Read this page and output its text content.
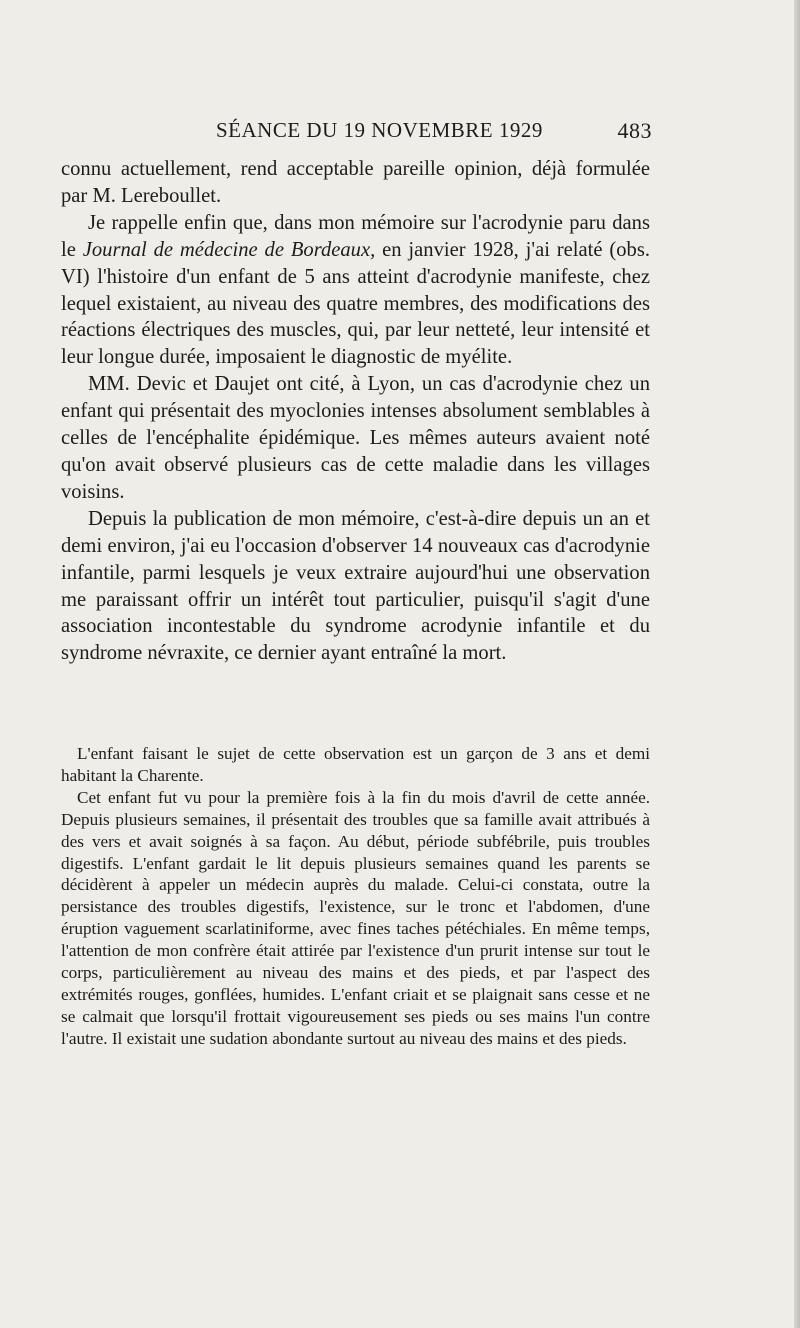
SÉANCE DU 19 NOVEMBRE 1929	483

connu actuellement, rend acceptable pareille opinion, déjà formulée par M. Lereboullet.

Je rappelle enfin que, dans mon mémoire sur l'acrodynie paru dans le Journal de médecine de Bordeaux, en janvier 1928, j'ai relaté (obs. VI) l'histoire d'un enfant de 5 ans atteint d'acrodynie manifeste, chez lequel existaient, au niveau des quatre membres, des modifications des réactions électriques des muscles, qui, par leur netteté, leur intensité et leur longue durée, imposaient le diagnostic de myélite.

MM. Devic et Daujet ont cité, à Lyon, un cas d'acrodynie chez un enfant qui présentait des myoclonies intenses absolument semblables à celles de l'encéphalite épidémique. Les mêmes auteurs avaient noté qu'on avait observé plusieurs cas de cette maladie dans les villages voisins.

Depuis la publication de mon mémoire, c'est-à-dire depuis un an et demi environ, j'ai eu l'occasion d'observer 14 nouveaux cas d'acrodynie infantile, parmi lesquels je veux extraire aujourd'hui une observation me paraissant offrir un intérêt tout particulier, puisqu'il s'agit d'une association incontestable du syndrome acrodynie infantile et du syndrome névraxite, ce dernier ayant entraîné la mort.

L'enfant faisant le sujet de cette observation est un garçon de 3 ans et demi habitant la Charente.

Cet enfant fut vu pour la première fois à la fin du mois d'avril de cette année. Depuis plusieurs semaines, il présentait des troubles que sa famille avait attribués à des vers et avait soignés à sa façon. Au début, période subfébrile, puis troubles digestifs. L'enfant gardait le lit depuis plusieurs semaines quand les parents se décidèrent à appeler un médecin auprès du malade. Celui-ci constata, outre la persistance des troubles digestifs, l'existence, sur le tronc et l'abdomen, d'une éruption vaguement scarlatiniforme, avec fines taches pétéchiales. En même temps, l'attention de mon confrère était attirée par l'existence d'un prurit intense sur tout le corps, particulièrement au niveau des mains et des pieds, et par l'aspect des extrémités rouges, gonflées, humides. L'enfant criait et se plaignait sans cesse et ne se calmait que lorsqu'il frottait vigoureusement ses pieds ou ses mains l'un contre l'autre. Il existait une sudation abondante surtout au niveau des mains et des pieds.
